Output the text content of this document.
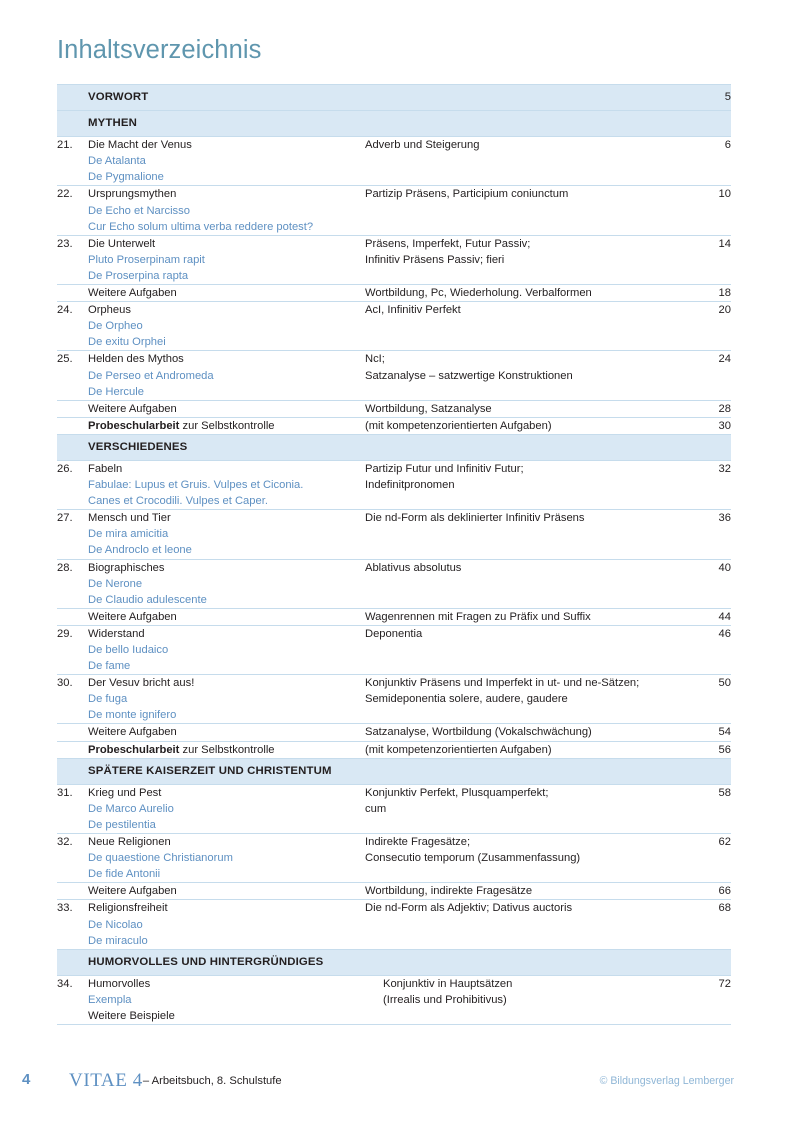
Inhaltsverzeichnis
	VORWORT		5
	MYTHEN		
21.	Die Macht der Venus
De Atalanta
De Pygmalione	Adverb und Steigerung	6
22.	Ursprungsmythen
De Echo et Narcisso
Cur Echo solum ultima verba reddere potest?	Partizip Präsens, Participium coniunctum	10
23.	Die Unterwelt
Pluto Proserpinam rapit
De Proserpina rapta	Präsens, Imperfekt, Futur Passiv;
Infinitiv Präsens Passiv; fieri	14

	Weitere Aufgaben	Wortbildung, Pc, Wiederholung. Verbalformen	18
24.	Orpheus
De Orpheo
De exitu Orphei	AcI, Infinitiv Perfekt	20
25.	Helden des Mythos
De Perseo et Andromeda
De Hercule	NcI;
Satzanalyse – satzwertige Konstruktionen	24

	Weitere Aufgaben	Wortbildung, Satzanalyse	28
	Probeschularbeit zur Selbstkontrolle	(mit kompetenzorientierten Aufgaben)	30
	VERSCHIEDENES		
26.	Fabeln
Fabulae: Lupus et Gruis. Vulpes et Ciconia.
Canes et Crocodili. Vulpes et Caper.	Partizip Futur und Infinitiv Futur;
Indefinitpronomen	32
27.	Mensch und Tier
De mira amicitia
De Androclo et leone	Die nd-Form als deklinierter Infinitiv Präsens	36
28.	Biographisches
De Nerone
De Claudio adulescente	Ablativus absolutus	40

	Weitere Aufgaben	Wagenrennen mit Fragen zu Präfix und Suffix	44
29.	Widerstand
De bello Iudaico
De fame	Deponentia	46
30.	Der Vesuv bricht aus!
De fuga
De monte ignifero	Konjunktiv Präsens und Imperfekt in ut- und ne-Sätzen;
Semideponentia solere, audere, gaudere	50

	Weitere Aufgaben	Satzanalyse, Wortbildung (Vokalschwächung)	54
	Probeschularbeit zur Selbstkontrolle	(mit kompetenzorientierten Aufgaben)	56
	SPÄTERE KAISERZEIT UND CHRISTENTUM		
31.	Krieg und Pest
De Marco Aurelio
De pestilentia	Konjunktiv Perfekt, Plusquamperfekt;
cum	58
32.	Neue Religionen
De quaestione Christianorum
De fide Antonii	Indirekte Fragesätze;
Consecutio temporum (Zusammenfassung)	62

	Weitere Aufgaben	Wortbildung, indirekte Fragesätze	66
33.	Religionsfreiheit
De Nicolao
De miraculo	Die nd-Form als Adjektiv; Dativus auctoris	68
	HUMORVOLLES UND HINTERGRÜNDIGES		
34.	Humorvolles
Exempla
Weitere Beispiele	Konjunktiv in Hauptsätzen
(Irrealis und Prohibitivus)	72
4 VITAE 4– Arbeitsbuch, 8. Schulstufe	© Bildungsverlag Lemberger
